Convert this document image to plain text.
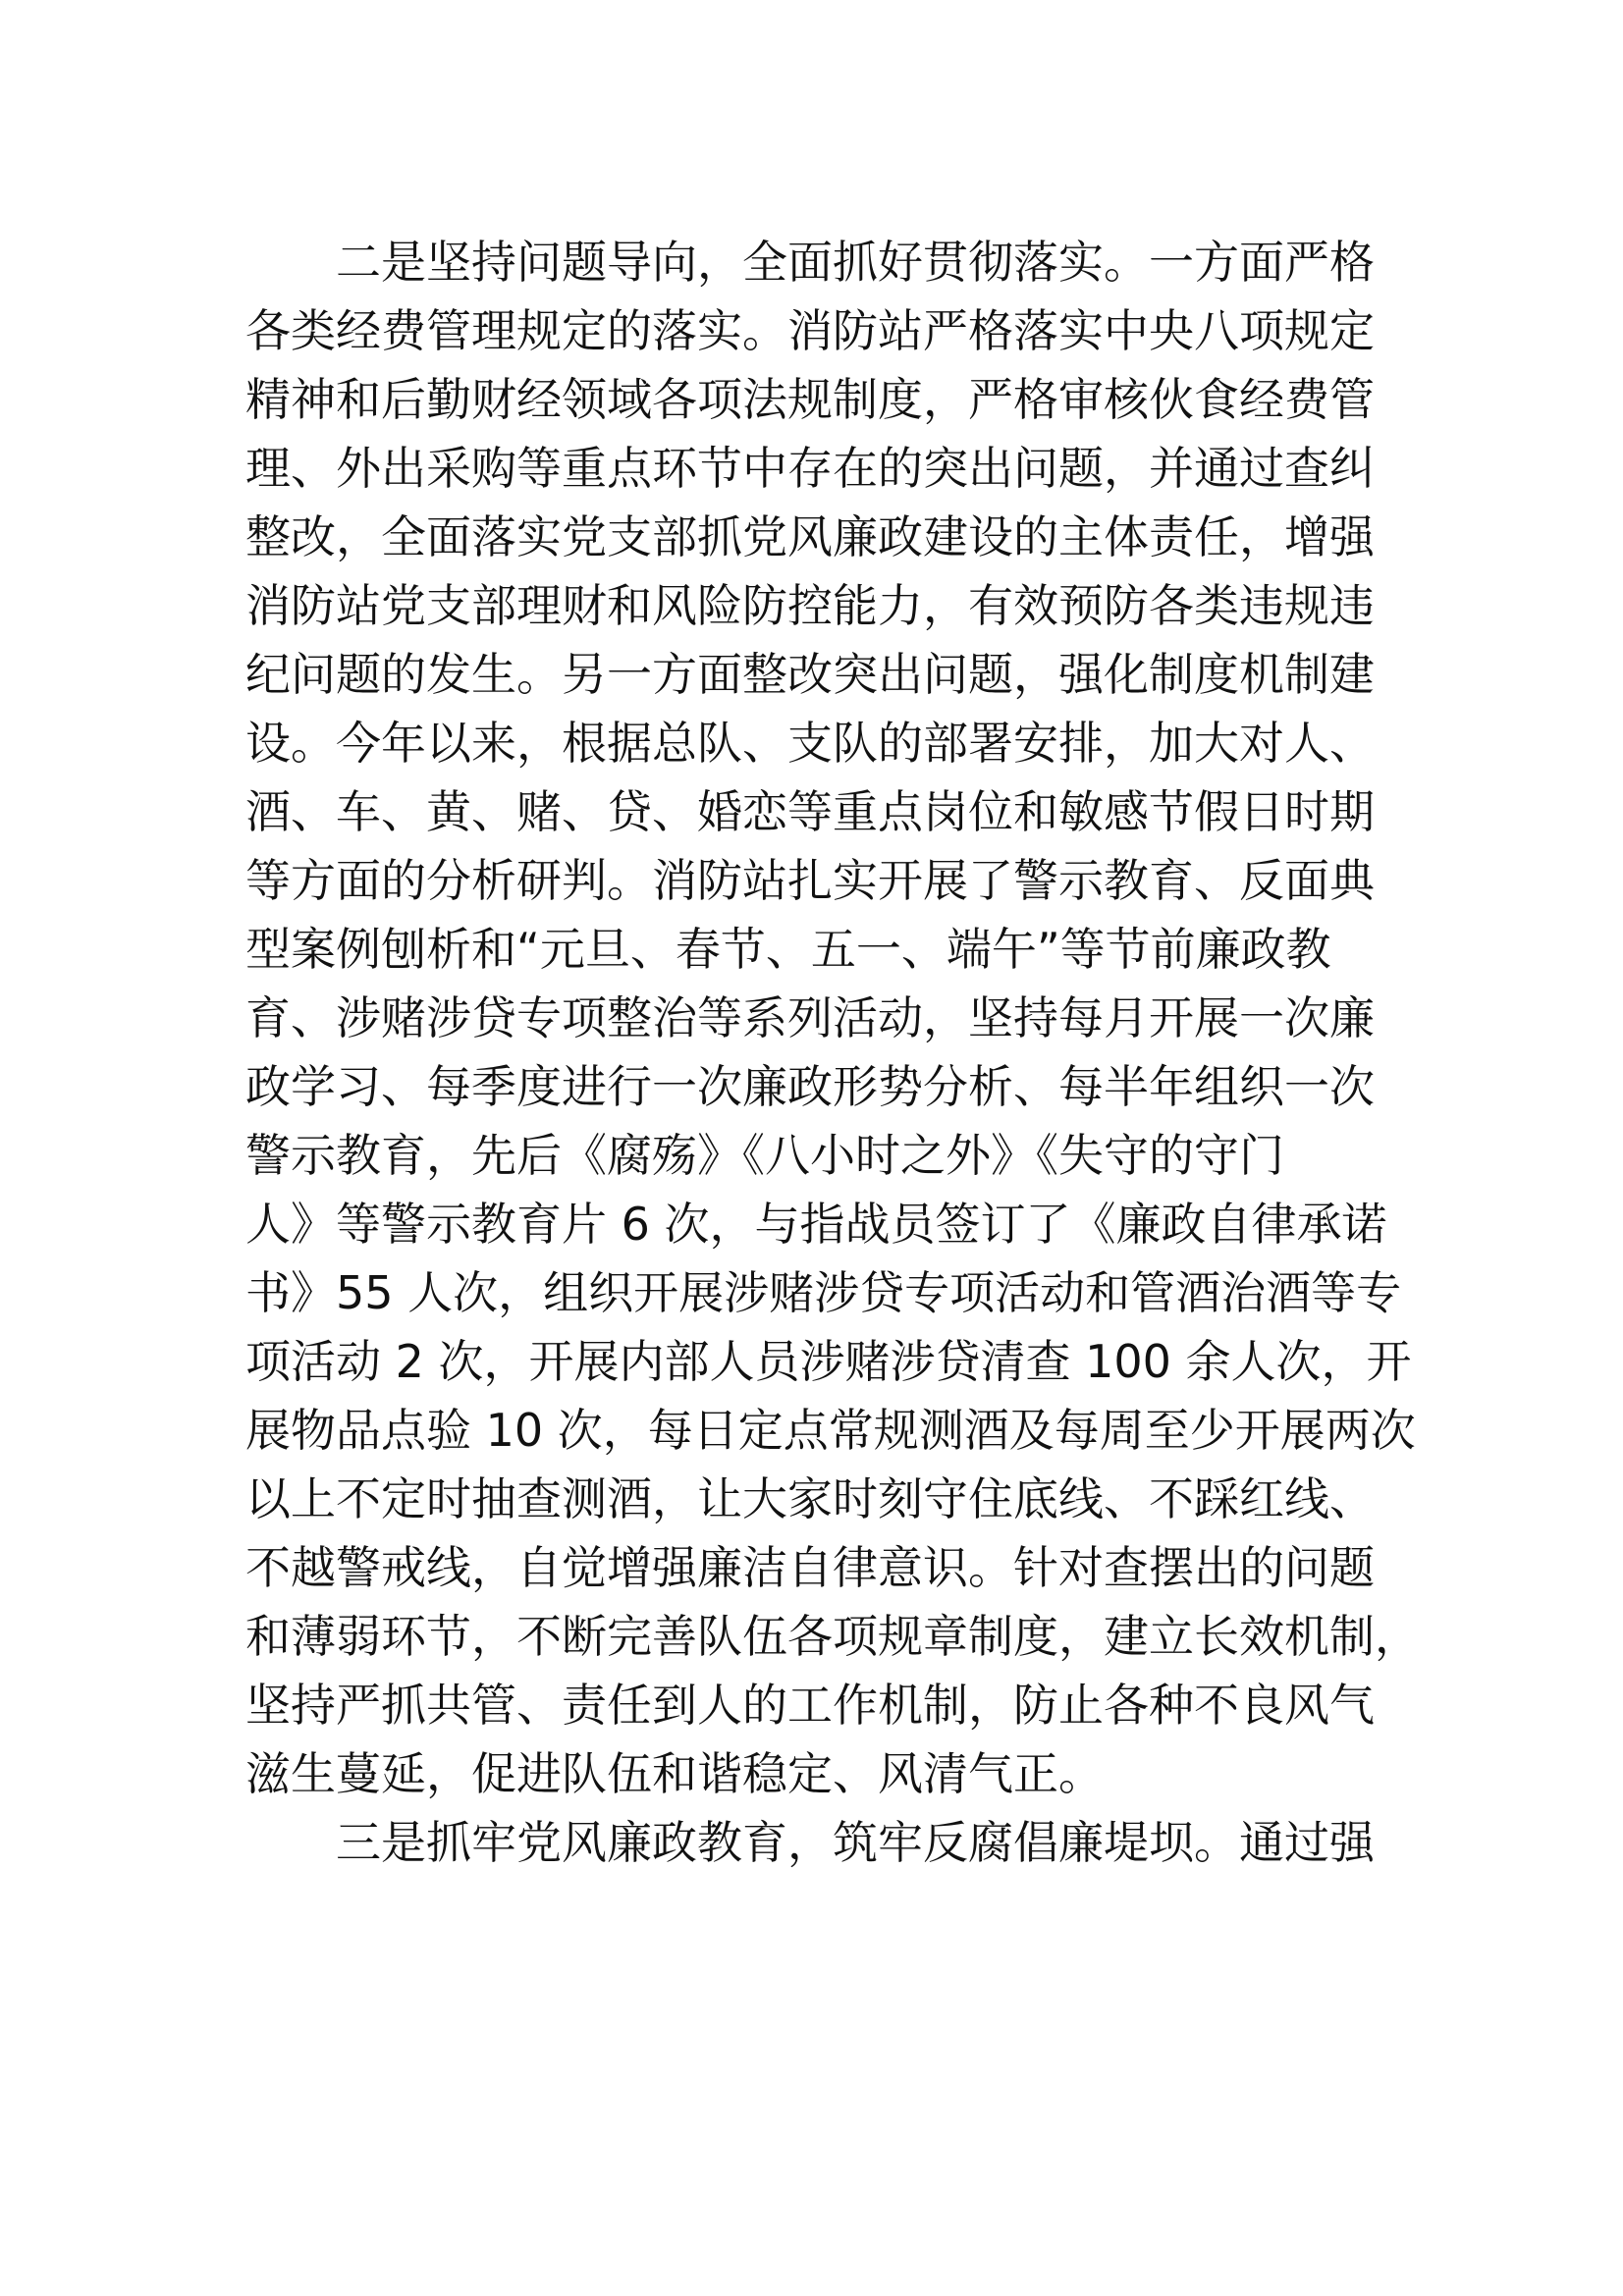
二是坚持问题导向，全面抓好贯彻落实。一方面严格
各类经费管理规定的落实。消防站严格落实中央八项规定
精神和后勤财经领域各项法规制度，严格审核伙食经费管
理、外出采购等重点环节中存在的突出问题，并通过查纠
整改，全面落实党支部抓党风廉政建设的主体责任，增强
消防站党支部理财和风险防控能力，有效预防各类违规违
纪问题的发生。另一方面整改突出问题，强化制度机制建
设。今年以来，根据总队、支队的部署安排，加大对人、
酒、车、黄、赌、贷、婚恋等重点岗位和敏感节假日时期
等方面的分析研判。消防站扎实开展了警示教育、反面典
型案例刨析和“元旦、春节、五一、端午”等节前廉政教
育、涉赌涉贷专项整治等系列活动，坚持每月开展一次廉
政学习、每季度进行一次廉政形势分析、每半年组织一次
警示教育，先后《腐殇》《八小时之外》《失守的守门
人》等警示教育片 6 次，与指战员签订了《廉政自律承诺
书》55 人次，组织开展涉赌涉贷专项活动和管酒治酒等专
项活动 2 次，开展内部人员涉赌涉贷清查 100 余人次，开
展物品点验 10 次，每日定点常规测酒及每周至少开展两次
以上不定时抽查测酒，让大家时刻守住底线、不踩红线、
不越警戒线，自觉增强廉洁自律意识。针对查摆出的问题
和薄弱环节，不断完善队伍各项规章制度，建立长效机制，
坚持严抓共管、责任到人的工作机制，防止各种不良风气
滋生蔓延，促进队伍和谐稳定、风清气正。
三是抓牢党风廉政教育，筑牢反腐倡廉堤坝。通过强
